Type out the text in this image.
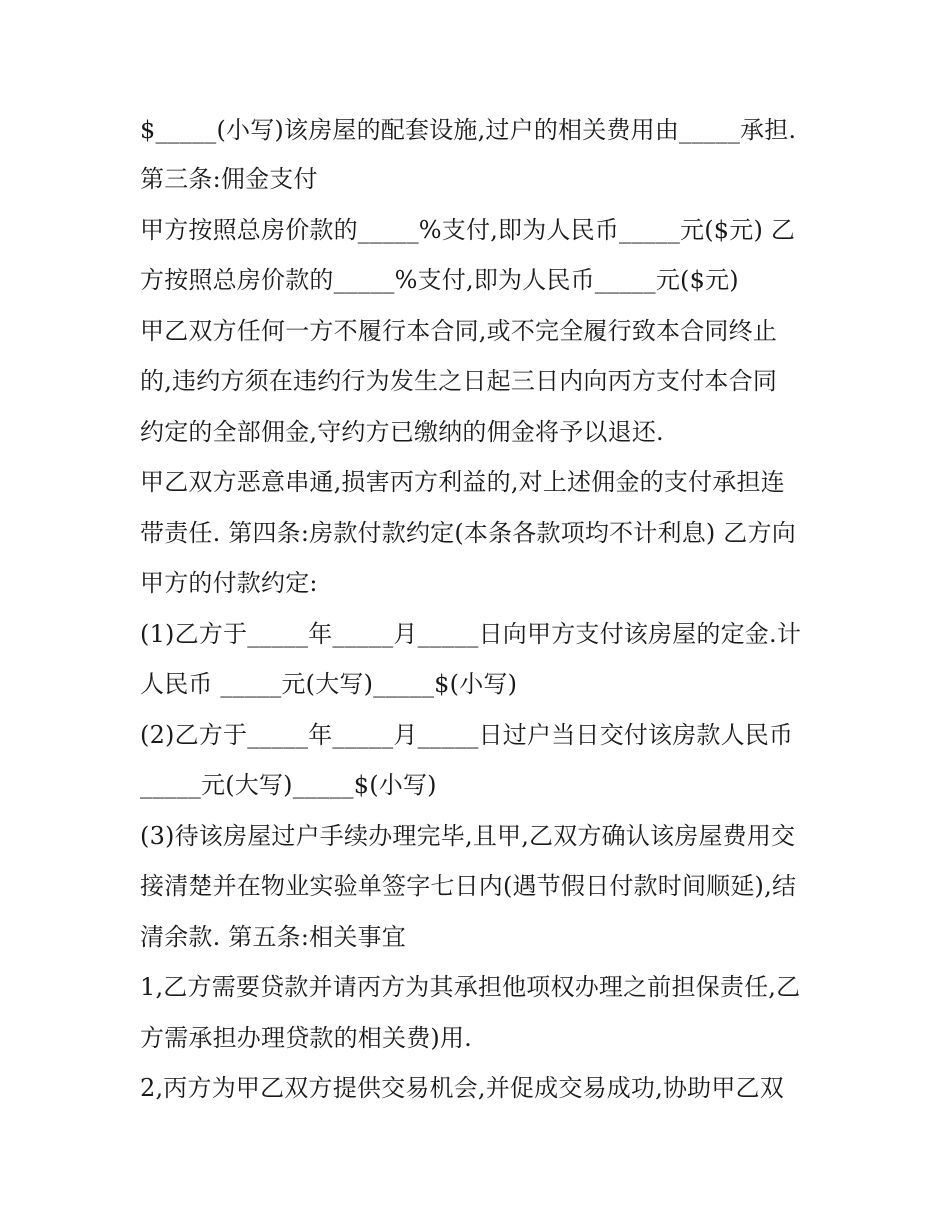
$_____(小写)该房屋的配套设施,过户的相关费用由_____承担.
第三条:佣金支付
甲方按照总房价款的_____%支付,即为人民币_____元($元) 乙
方按照总房价款的_____%支付,即为人民币_____元($元)
甲乙双方任何一方不履行本合同,或不完全履行致本合同终止
的,违约方须在违约行为发生之日起三日内向丙方支付本合同
约定的全部佣金,守约方已缴纳的佣金将予以退还.
甲乙双方恶意串通,损害丙方利益的,对上述佣金的支付承担连
带责任. 第四条:房款付款约定(本条各款项均不计利息) 乙方向
甲方的付款约定:
(1)乙方于_____年_____月_____日向甲方支付该房屋的定金.计
人民币 _____元(大写)_____$(小写)
(2)乙方于_____年_____月_____日过户当日交付该房款人民币
_____元(大写)_____$(小写)
(3)待该房屋过户手续办理完毕,且甲,乙双方确认该房屋费用交
接清楚并在物业实验单签字七日内(遇节假日付款时间顺延),结
清余款. 第五条:相关事宜
1,乙方需要贷款并请丙方为其承担他项权办理之前担保责任,乙
方需承担办理贷款的相关费)用.
2,丙方为甲乙双方提供交易机会,并促成交易成功,协助甲乙双
